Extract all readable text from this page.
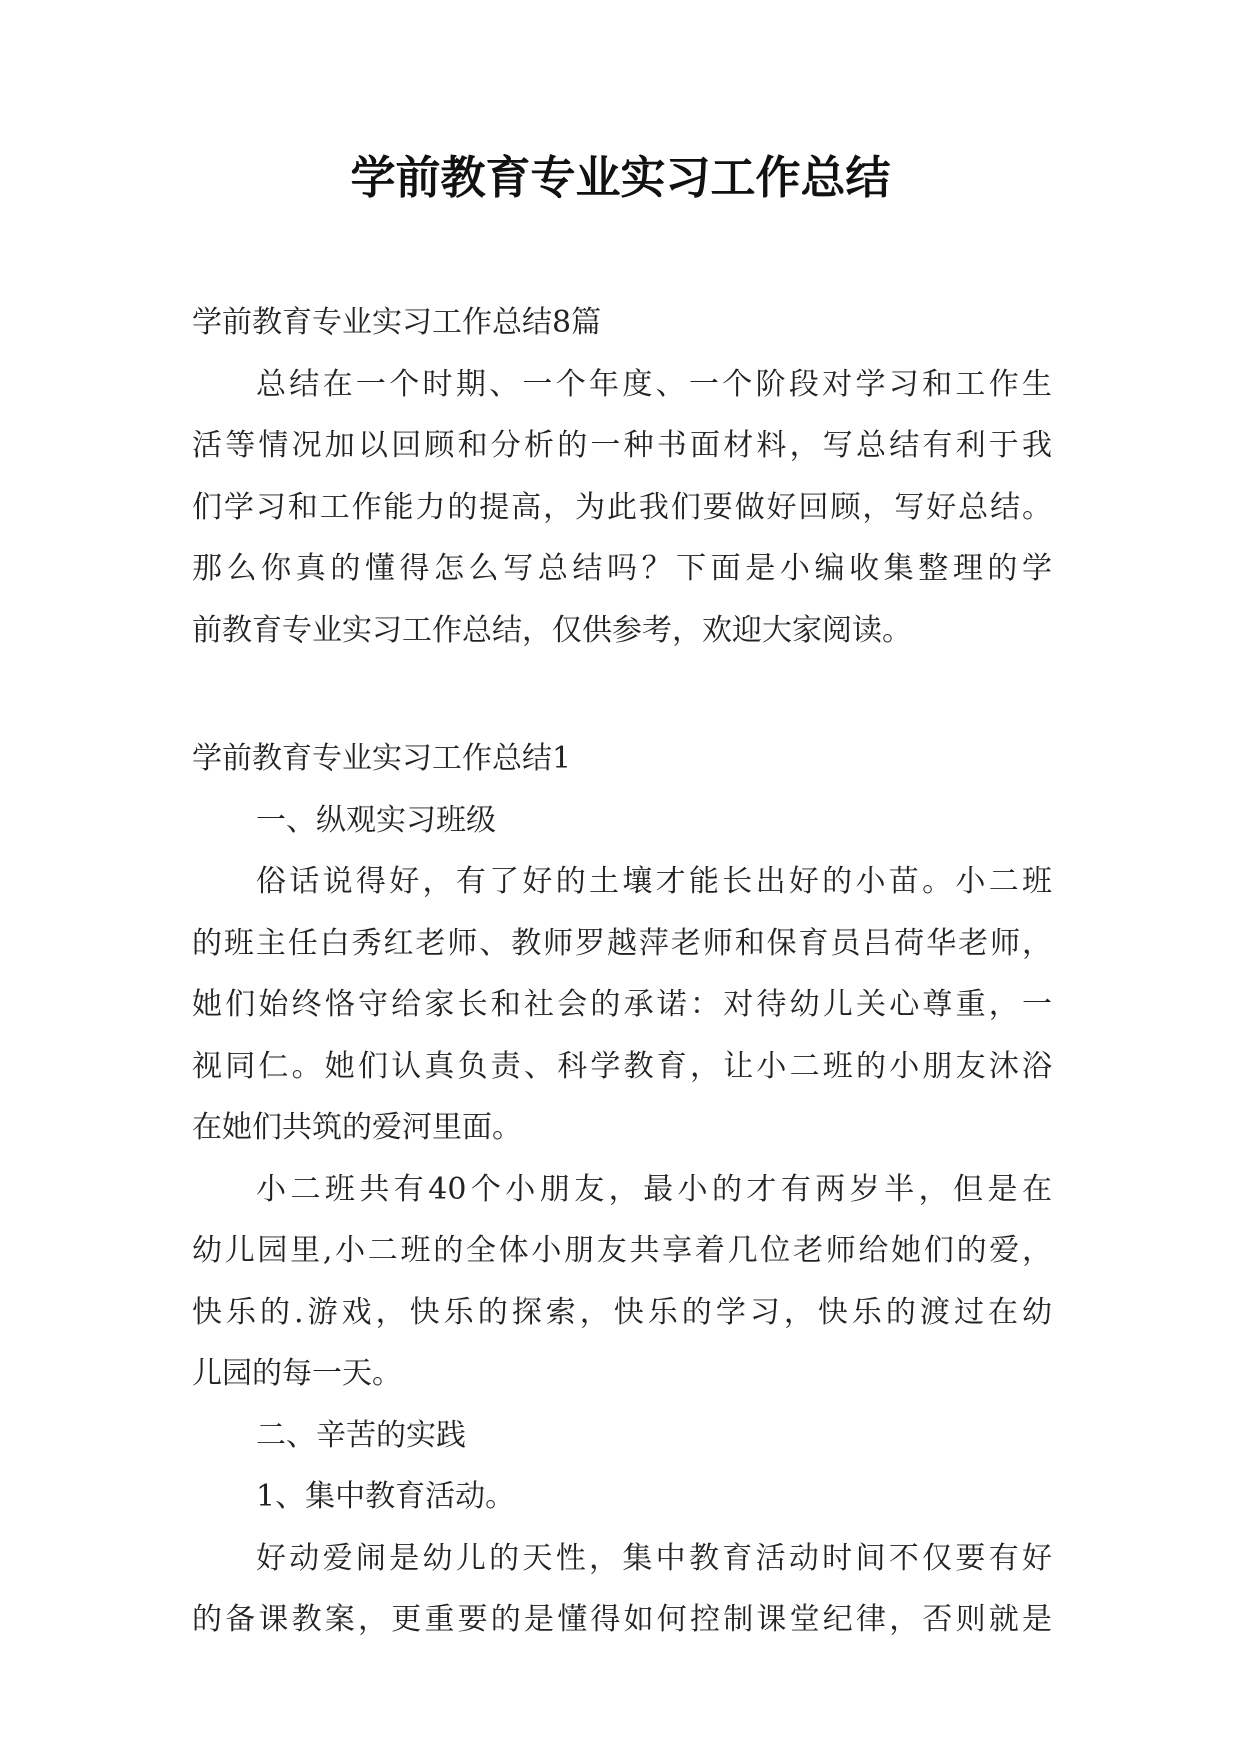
学前教育专业实习工作总结

学前教育专业实习工作总结8篇

总结在一个时期、一个年度、一个阶段对学习和工作生

活等情况加以回顾和分析的一种书面材料，写总结有利于我

们学习和工作能力的提高，为此我们要做好回顾，写好总结。

那么你真的懂得怎么写总结吗？下面是小编收集整理的学

前教育专业实习工作总结，仅供参考，欢迎大家阅读。

学前教育专业实习工作总结1

一、纵观实习班级

俗话说得好，有了好的土壤才能长出好的小苗。小二班

的班主任白秀红老师、教师罗越萍老师和保育员吕荷华老师，

她们始终恪守给家长和社会的承诺：对待幼儿关心尊重，一

视同仁。她们认真负责、科学教育，让小二班的小朋友沐浴

在她们共筑的爱河里面。

小二班共有40个小朋友，最小的才有两岁半，但是在

幼儿园里,小二班的全体小朋友共享着几位老师给她们的爱，

快乐的.游戏，快乐的探索，快乐的学习，快乐的渡过在幼

儿园的每一天。

二、辛苦的实践

1、集中教育活动。

好动爱闹是幼儿的天性，集中教育活动时间不仅要有好

的备课教案，更重要的是懂得如何控制课堂纪律，否则就是
